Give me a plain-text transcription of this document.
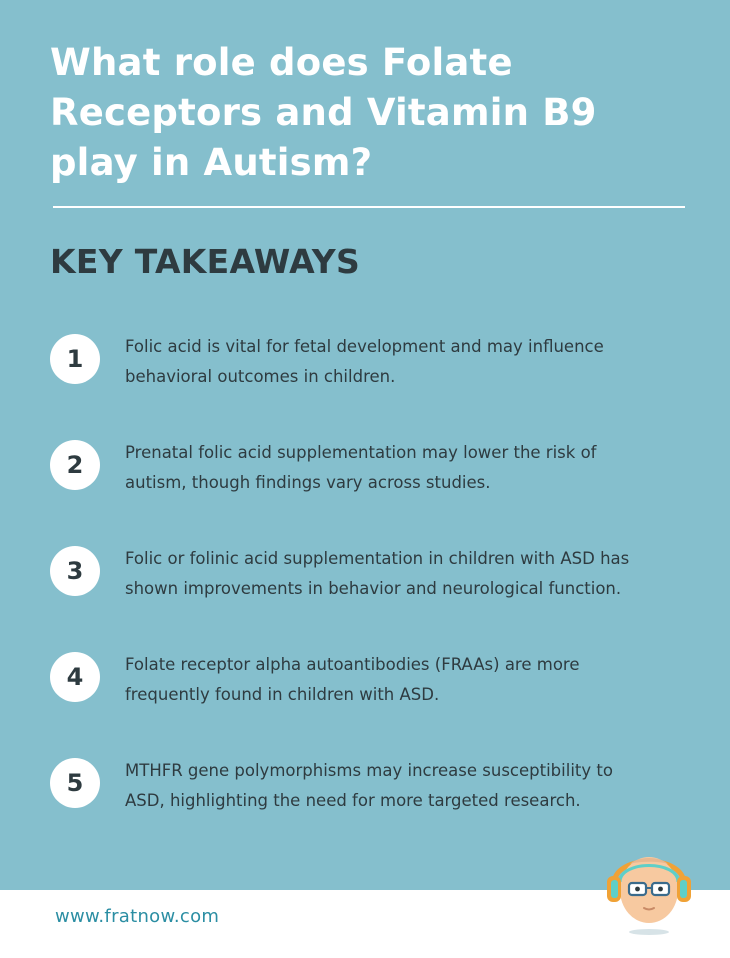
What role does Folate
Receptors and Vitamin B9
play in Autism?
KEY TAKEAWAYS
1	Folic acid is vital for fetal development and may influence
behavioral outcomes in children.
2	Prenatal folic acid supplementation may lower the risk of
autism, though findings vary across studies.
3	Folic or folinic acid supplementation in children with ASD has
shown improvements in behavior and neurological function.
4	Folate receptor alpha autoantibodies (FRAAs) are more
frequently found in children with ASD.
5	MTHFR gene polymorphisms may increase susceptibility to
ASD, highlighting the need for more targeted research.
www.fratnow.com
